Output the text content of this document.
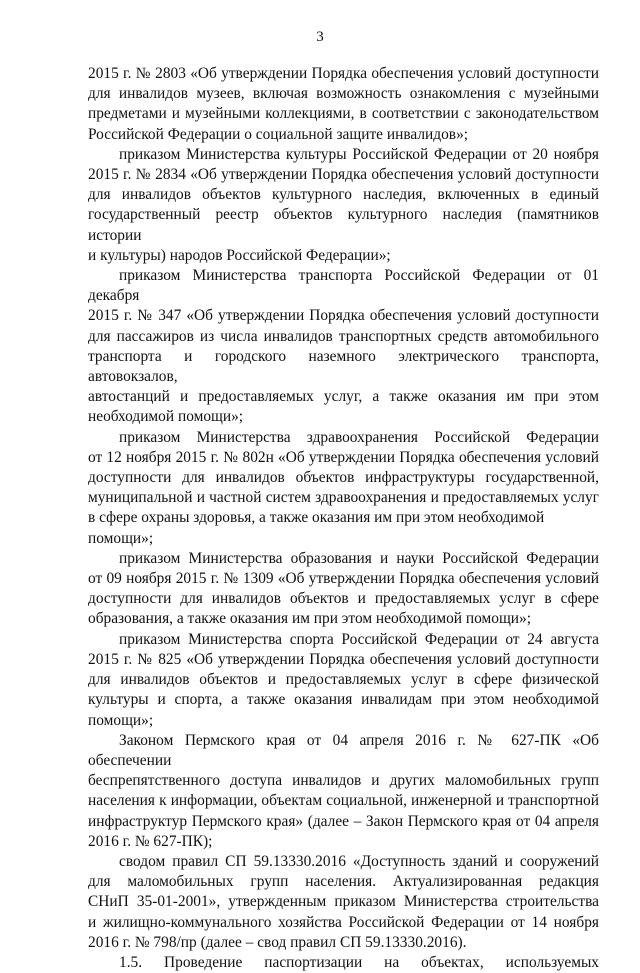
3
2015 г. № 2803 «Об утверждении Порядка обеспечения условий доступности
для инвалидов музеев, включая возможность ознакомления с музейными
предметами и музейными коллекциями, в соответствии с законодательством
Российской Федерации о социальной защите инвалидов»;
приказом Министерства культуры Российской Федерации от 20 ноября
2015 г. № 2834 «Об утверждении Порядка обеспечения условий доступности
для инвалидов объектов культурного наследия, включенных в единый
государственный реестр объектов культурного наследия (памятников истории
и культуры) народов Российской Федерации»;
приказом Министерства транспорта Российской Федерации от 01 декабря
2015 г. № 347 «Об утверждении Порядка обеспечения условий доступности
для пассажиров из числа инвалидов транспортных средств автомобильного
транспорта и городского наземного электрического транспорта, автовокзалов,
автостанций и предоставляемых услуг, а также оказания им при этом
необходимой помощи»;
приказом Министерства здравоохранения Российской Федерации
от 12 ноября 2015 г. № 802н «Об утверждении Порядка обеспечения условий
доступности для инвалидов объектов инфраструктуры государственной,
муниципальной и частной систем здравоохранения и предоставляемых услуг
в сфере охраны здоровья, а также оказания им при этом необходимой помощи»;
приказом Министерства образования и науки Российской Федерации
от 09 ноября 2015 г. № 1309 «Об утверждении Порядка обеспечения условий
доступности для инвалидов объектов и предоставляемых услуг в сфере
образования, а также оказания им при этом необходимой помощи»;
приказом Министерства спорта Российской Федерации от 24 августа
2015 г. № 825 «Об утверждении Порядка обеспечения условий доступности
для инвалидов объектов и предоставляемых услуг в сфере физической
культуры и спорта, а также оказания инвалидам при этом необходимой
помощи»;
Законом Пермского края от 04 апреля 2016 г. № 627-ПК «Об обеспечении
беспрепятственного доступа инвалидов и других маломобильных групп
населения к информации, объектам социальной, инженерной и транспортной
инфраструктур Пермского края» (далее – Закон Пермского края от 04 апреля
2016 г. № 627-ПК);
сводом правил СП 59.13330.2016 «Доступность зданий и сооружений
для маломобильных групп населения. Актуализированная редакция
СНиП 35-01-2001», утвержденным приказом Министерства строительства
и жилищно-коммунального хозяйства Российской Федерации от 14 ноября
2016 г. № 798/пр (далее – свод правил СП 59.13330.2016).
1.5. Проведение паспортизации на объектах, используемых
